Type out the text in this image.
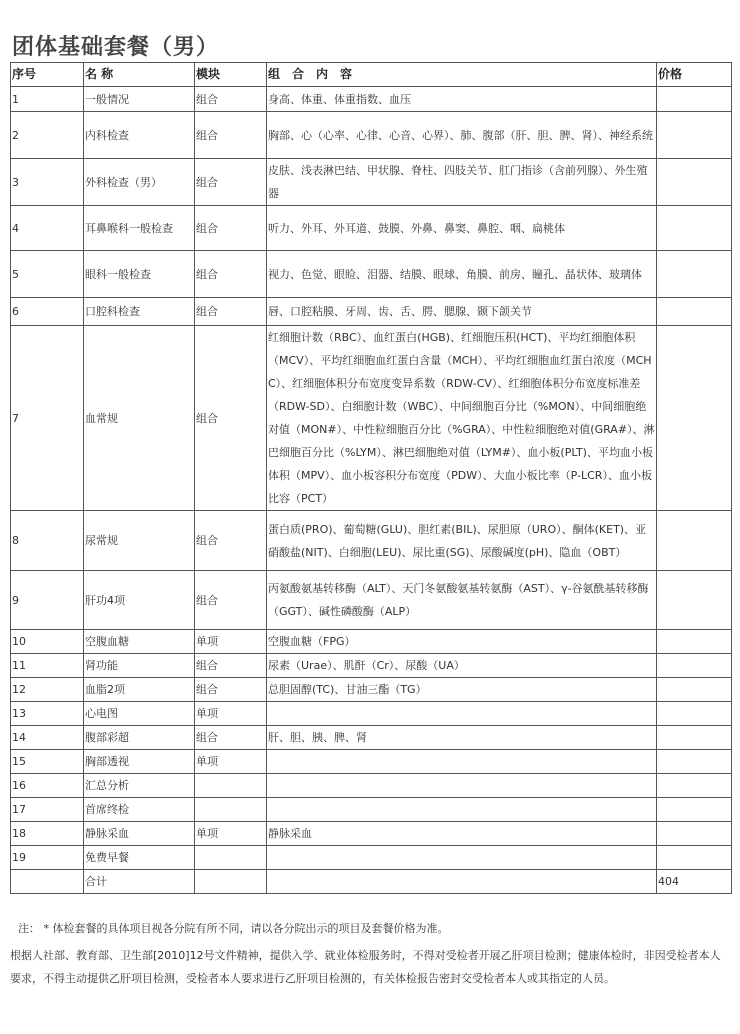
团体基础套餐（男）
序号	名 称	模块	组　合　内　容	价格
1	一般情况	组合	身高、体重、体重指数、血压	
2	内科检查	组合	胸部、心（心率、心律、心音、心界）、肺、腹部（肝、胆、脾、肾）、神经系统	
3	外科检查（男）	组合	皮肤、浅表淋巴结、甲状腺、脊柱、四肢关节、肛门指诊（含前列腺）、外生殖器	
4	耳鼻喉科一般检查	组合	听力、外耳、外耳道、鼓膜、外鼻、鼻窦、鼻腔、咽、扁桃体	
5	眼科一般检查	组合	视力、色觉、眼睑、泪器、结膜、眼球、角膜、前房、瞳孔、晶状体、玻璃体	
6	口腔科检查	组合	唇、口腔粘膜、牙周、齿、舌、腭、腮腺、颞下颌关节	
7	血常规	组合	红细胞计数（RBC）、血红蛋白(HGB)、红细胞压积(HCT)、平均红细胞体积（MCV）、平均红细胞血红蛋白含量（MCH）、平均红细胞血红蛋白浓度（MCHC）、红细胞体积分布宽度变异系数（RDW-CV）、红细胞体积分布宽度标准差（RDW-SD）、白细胞计数（WBC）、中间细胞百分比（%MON）、中间细胞绝对值（MON#）、中性粒细胞百分比（%GRA）、中性粒细胞绝对值(GRA#）、淋巴细胞百分比（%LYM）、淋巴细胞绝对值（LYM#）、血小板(PLT)、平均血小板体积（MPV）、血小板容积分布宽度（PDW）、大血小板比率（P-LCR）、血小板比容（PCT）	
8	尿常规	组合	蛋白质(PRO)、葡萄糖(GLU)、胆红素(BIL)、尿胆原（URO）、酮体(KET)、亚硝酸盐(NIT)、白细胞(LEU)、尿比重(SG)、尿酸碱度(pH)、隐血（OBT）	
9	肝功4项	组合	丙氨酸氨基转移酶（ALT）、天门冬氨酸氨基转氨酶（AST）、γ-谷氨酰基转移酶（GGT）、碱性磷酸酶（ALP）	
10	空腹血糖	单项	空腹血糖（FPG）	
11	肾功能	组合	尿素（Urae）、肌酐（Cr）、尿酸（UA）	
12	血脂2项	组合	总胆固醇(TC)、甘油三酯（TG）	
13	心电图	单项		
14	腹部彩超	组合	肝、胆、胰、脾、肾	
15	胸部透视	单项		
16	汇总分析			
17	首席终检			
18	静脉采血	单项	静脉采血	
19	免费早餐			
	合计			404

注： * 体检套餐的具体项目视各分院有所不同，请以各分院出示的项目及套餐价格为准。

根据人社部、教育部、卫生部[2010]12号文件精神，提供入学、就业体检服务时，不得对受检者开展乙肝项目检测；健康体检时，非因受检者本人要求，不得主动提供乙肝项目检测，受检者本人要求进行乙肝项目检测的，有关体检报告密封交受检者本人或其指定的人员。
